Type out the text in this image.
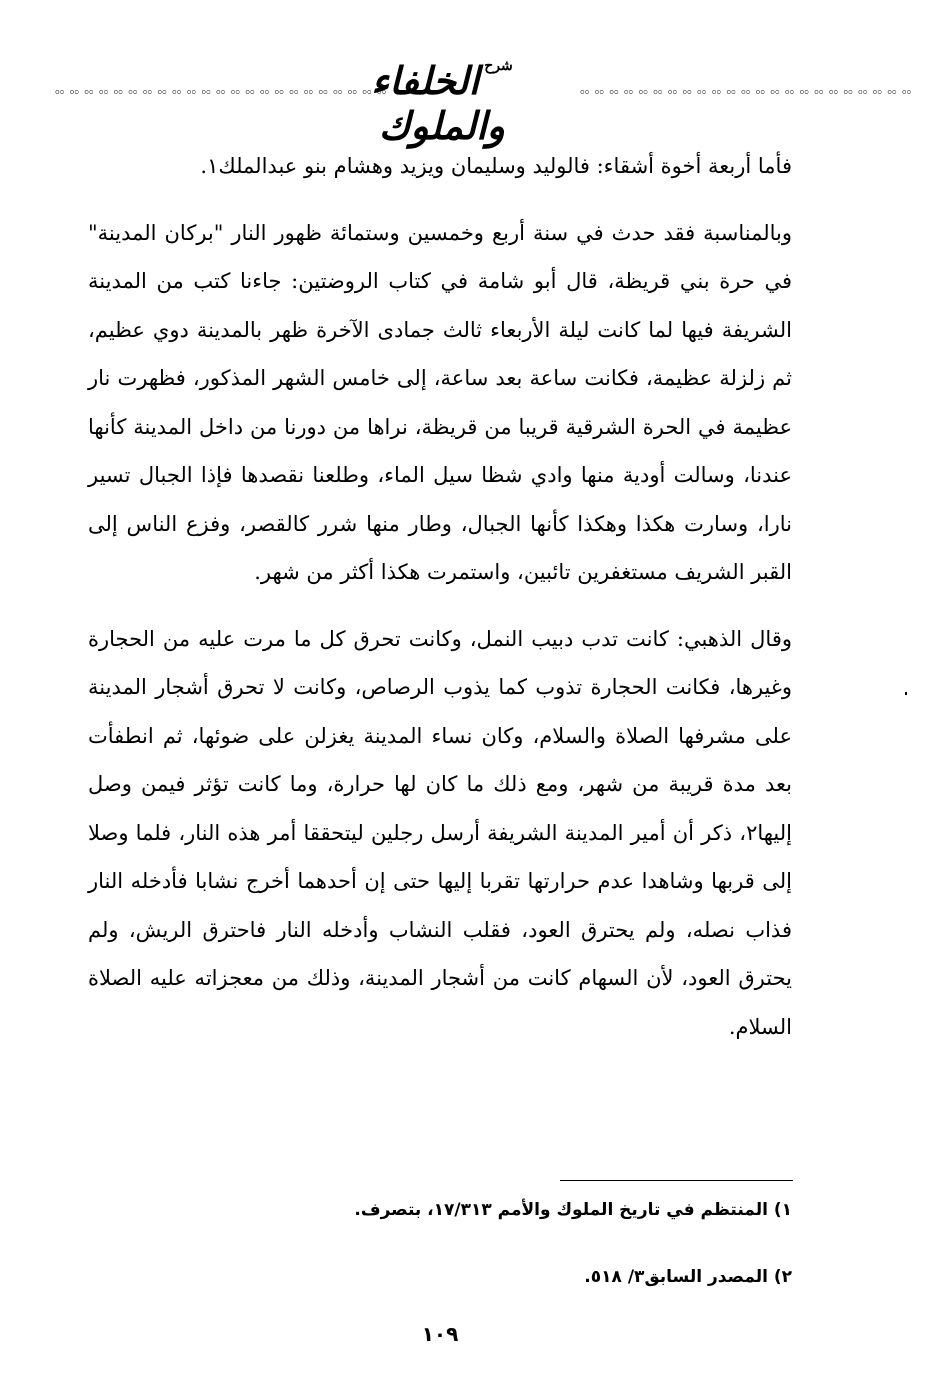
ೲ ೲ ೲ ೲ ೲ ೲ ೲ ೲ ೲ ೲ ೲ ೲ ೲ ೲ ೲ ೲ ೲ ೲ ೲ ೲ ೲ ೲ ೲ
شرح الخلفاء والملوك
ೲ ೲ ೲ ೲ ೲ ೲ ೲ ೲ ೲ ೲ ೲ ೲ ೲ ೲ ೲ ೲ ೲ ೲ ೲ ೲ ೲ ೲ ೲ

فأما أربعة أخوة أشقاء: فالوليد وسليمان ويزيد وهشام بنو عبدالملك١.

وبالمناسبة فقد حدث في سنة أربع وخمسين وستمائة ظهور النار "بركان المدينة" في حرة بني قريظة، قال أبو شامة في كتاب الروضتين: جاءنا كتب من المدينة الشريفة فيها لما كانت ليلة الأربعاء ثالث جمادى الآخرة ظهر بالمدينة دوي عظيم، ثم زلزلة عظيمة، فكانت ساعة بعد ساعة، إلى خامس الشهر المذكور، فظهرت نار عظيمة في الحرة الشرقية قريبا من قريظة، نراها من دورنا من داخل المدينة كأنها عندنا، وسالت أودية منها وادي شظا سيل الماء، وطلعنا نقصدها فإذا الجبال تسير نارا، وسارت هكذا وهكذا كأنها الجبال، وطار منها شرر كالقصر، وفزع الناس إلى القبر الشريف مستغفرين تائبين، واستمرت هكذا أكثر من شهر.

وقال الذهبي: كانت تدب دبيب النمل، وكانت تحرق كل ما مرت عليه من الحجارة وغيرها، فكانت الحجارة تذوب كما يذوب الرصاص، وكانت لا تحرق أشجار المدينة على مشرفها الصلاة والسلام، وكان نساء المدينة يغزلن على ضوئها، ثم انطفأت بعد مدة قريبة من شهر، ومع ذلك ما كان لها حرارة، وما كانت تؤثر فيمن وصل إليها٢، ذكر أن أمير المدينة الشريفة أرسل رجلين ليتحققا أمر هذه النار، فلما وصلا إلى قربها وشاهدا عدم حرارتها تقربا إليها حتى إن أحدهما أخرج نشابا فأدخله النار فذاب نصله، ولم يحترق العود، فقلب النشاب وأدخله النار فاحترق الريش، ولم يحترق العود، لأن السهام كانت من أشجار المدينة، وذلك من معجزاته عليه الصلاة السلام.

١) المنتظم في تاريخ الملوك والأمم ١٧/٣١٣، بتصرف.

٢) المصدر السابق٣/ ٥١٨.

١٠٩
